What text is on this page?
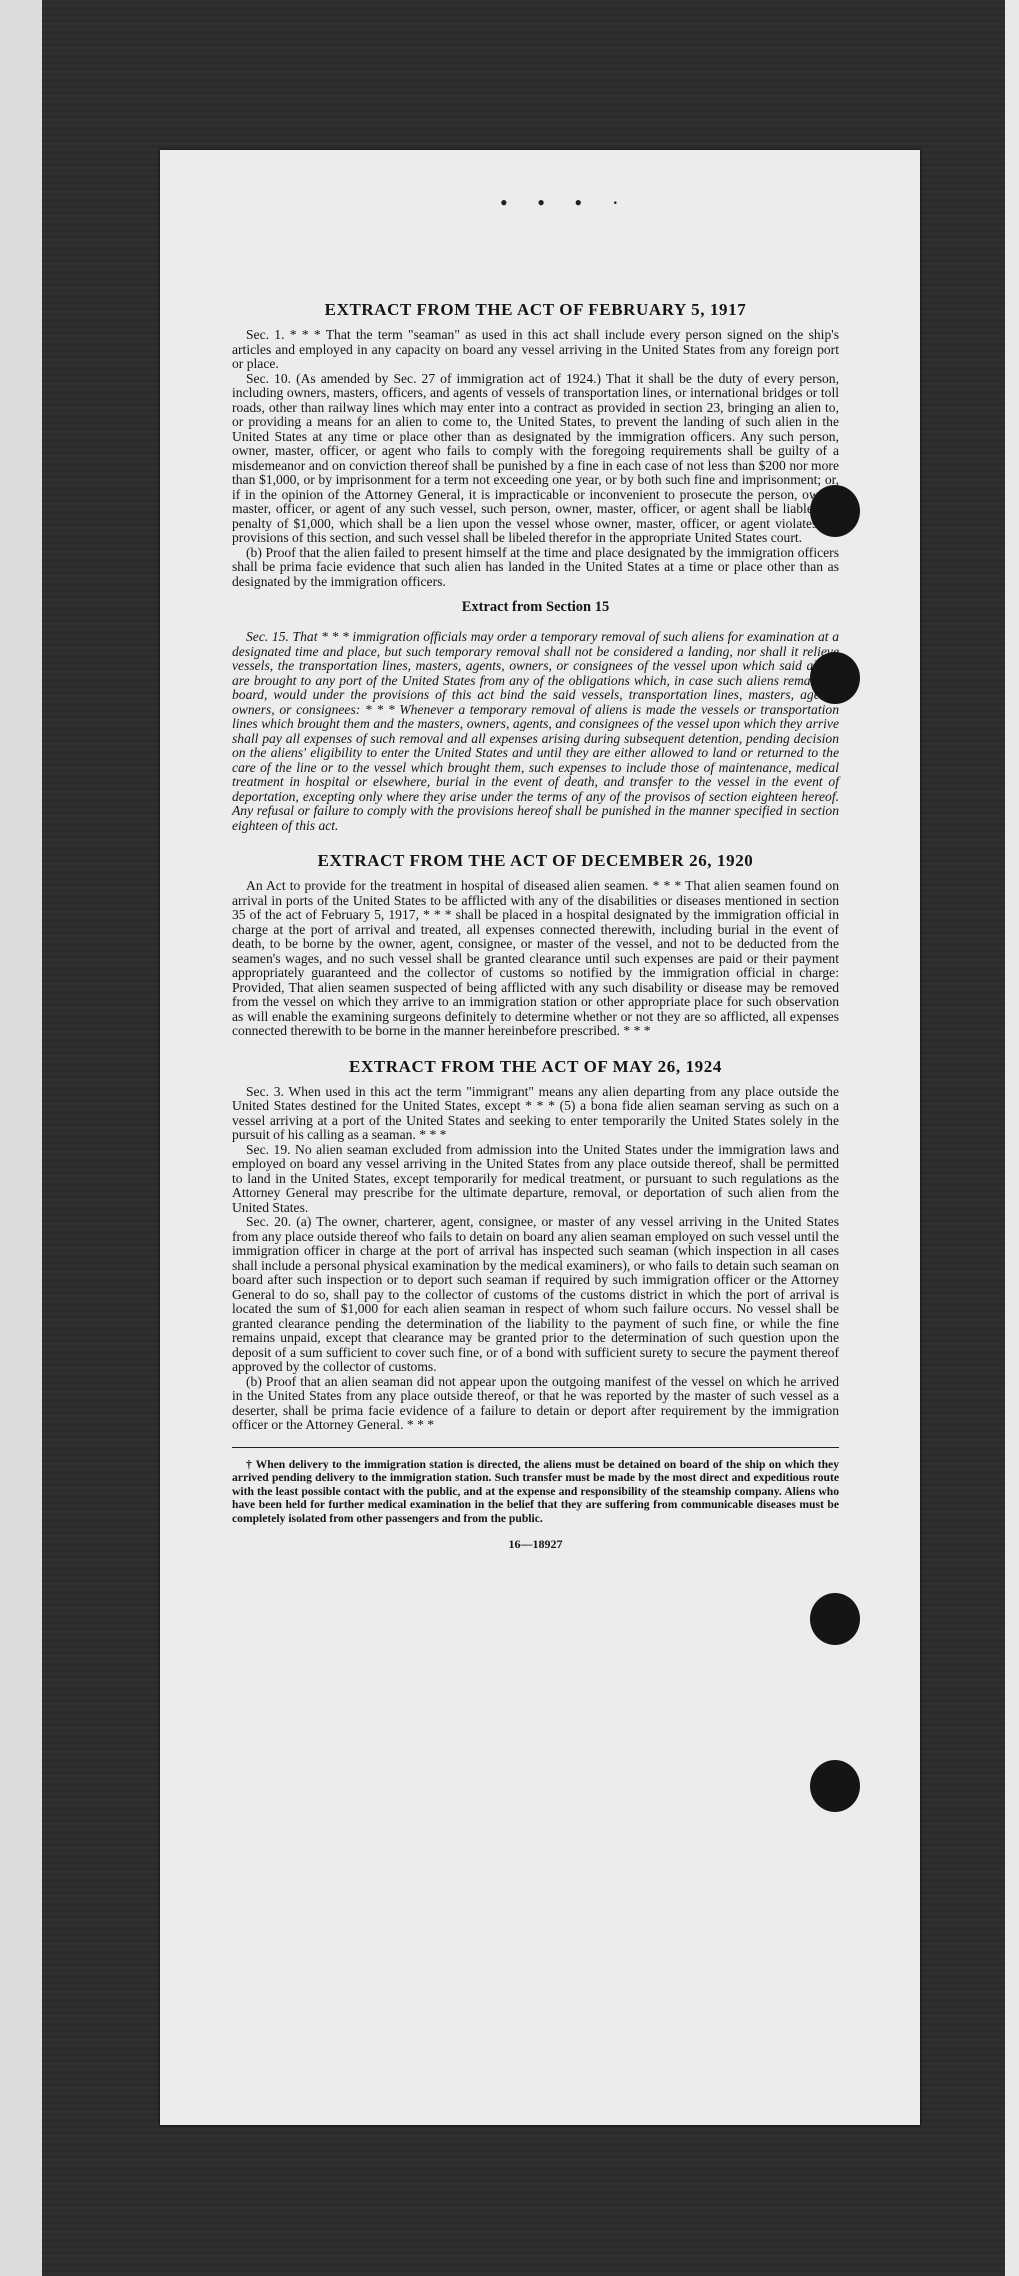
• • • ·
EXTRACT FROM THE ACT OF FEBRUARY 5, 1917

Sec. 1. * * * That the term "seaman" as used in this act shall include every person signed on the ship's articles and employed in any capacity on board any vessel arriving in the United States from any foreign port or place.

Sec. 10. (As amended by Sec. 27 of immigration act of 1924.) That it shall be the duty of every person, including owners, masters, officers, and agents of vessels of transportation lines, or international bridges or toll roads, other than railway lines which may enter into a contract as provided in section 23, bringing an alien to, or providing a means for an alien to come to, the United States, to prevent the landing of such alien in the United States at any time or place other than as designated by the immigration officers. Any such person, owner, master, officer, or agent who fails to comply with the foregoing requirements shall be guilty of a misdemeanor and on conviction thereof shall be punished by a fine in each case of not less than $200 nor more than $1,000, or by imprisonment for a term not exceeding one year, or by both such fine and imprisonment; or, if in the opinion of the Attorney General, it is impracticable or inconvenient to prosecute the person, owner, master, officer, or agent of any such vessel, such person, owner, master, officer, or agent shall be liable to a penalty of $1,000, which shall be a lien upon the vessel whose owner, master, officer, or agent violates the provisions of this section, and such vessel shall be libeled therefor in the appropriate United States court.

(b) Proof that the alien failed to present himself at the time and place designated by the immigration officers shall be prima facie evidence that such alien has landed in the United States at a time or place other than as designated by the immigration officers.

Extract from Section 15

Sec. 15. That * * * immigration officials may order a temporary removal of such aliens for examination at a designated time and place, but such temporary removal shall not be considered a landing, nor shall it relieve vessels, the transportation lines, masters, agents, owners, or consignees of the vessel upon which said aliens are brought to any port of the United States from any of the obligations which, in case such aliens remain on board, would under the provisions of this act bind the said vessels, transportation lines, masters, agents, owners, or consignees: * * * Whenever a temporary removal of aliens is made the vessels or transportation lines which brought them and the masters, owners, agents, and consignees of the vessel upon which they arrive shall pay all expenses of such removal and all expenses arising during subsequent detention, pending decision on the aliens' eligibility to enter the United States and until they are either allowed to land or returned to the care of the line or to the vessel which brought them, such expenses to include those of maintenance, medical treatment in hospital or elsewhere, burial in the event of death, and transfer to the vessel in the event of deportation, excepting only where they arise under the terms of any of the provisos of section eighteen hereof. Any refusal or failure to comply with the provisions hereof shall be punished in the manner specified in section eighteen of this act.

EXTRACT FROM THE ACT OF DECEMBER 26, 1920

An Act to provide for the treatment in hospital of diseased alien seamen. * * * That alien seamen found on arrival in ports of the United States to be afflicted with any of the disabilities or diseases mentioned in section 35 of the act of February 5, 1917, * * * shall be placed in a hospital designated by the immigration official in charge at the port of arrival and treated, all expenses connected therewith, including burial in the event of death, to be borne by the owner, agent, consignee, or master of the vessel, and not to be deducted from the seamen's wages, and no such vessel shall be granted clearance until such expenses are paid or their payment appropriately guaranteed and the collector of customs so notified by the immigration official in charge: Provided, That alien seamen suspected of being afflicted with any such disability or disease may be removed from the vessel on which they arrive to an immigration station or other appropriate place for such observation as will enable the examining surgeons definitely to determine whether or not they are so afflicted, all expenses connected therewith to be borne in the manner hereinbefore prescribed. * * *

EXTRACT FROM THE ACT OF MAY 26, 1924

Sec. 3. When used in this act the term "immigrant" means any alien departing from any place outside the United States destined for the United States, except * * * (5) a bona fide alien seaman serving as such on a vessel arriving at a port of the United States and seeking to enter temporarily the United States solely in the pursuit of his calling as a seaman. * * *

Sec. 19. No alien seaman excluded from admission into the United States under the immigration laws and employed on board any vessel arriving in the United States from any place outside thereof, shall be permitted to land in the United States, except temporarily for medical treatment, or pursuant to such regulations as the Attorney General may prescribe for the ultimate departure, removal, or deportation of such alien from the United States.

Sec. 20. (a) The owner, charterer, agent, consignee, or master of any vessel arriving in the United States from any place outside thereof who fails to detain on board any alien seaman employed on such vessel until the immigration officer in charge at the port of arrival has inspected such seaman (which inspection in all cases shall include a personal physical examination by the medical examiners), or who fails to detain such seaman on board after such inspection or to deport such seaman if required by such immigration officer or the Attorney General to do so, shall pay to the collector of customs of the customs district in which the port of arrival is located the sum of $1,000 for each alien seaman in respect of whom such failure occurs. No vessel shall be granted clearance pending the determination of the liability to the payment of such fine, or while the fine remains unpaid, except that clearance may be granted prior to the determination of such question upon the deposit of a sum sufficient to cover such fine, or of a bond with sufficient surety to secure the payment thereof approved by the collector of customs.

(b) Proof that an alien seaman did not appear upon the outgoing manifest of the vessel on which he arrived in the United States from any place outside thereof, or that he was reported by the master of such vessel as a deserter, shall be prima facie evidence of a failure to detain or deport after requirement by the immigration officer or the Attorney General. * * *

† When delivery to the immigration station is directed, the aliens must be detained on board of the ship on which they arrived pending delivery to the immigration station. Such transfer must be made by the most direct and expeditious route with the least possible contact with the public, and at the expense and responsibility of the steamship company. Aliens who have been held for further medical examination in the belief that they are suffering from communicable diseases must be completely isolated from other passengers and from the public.

16—18927
